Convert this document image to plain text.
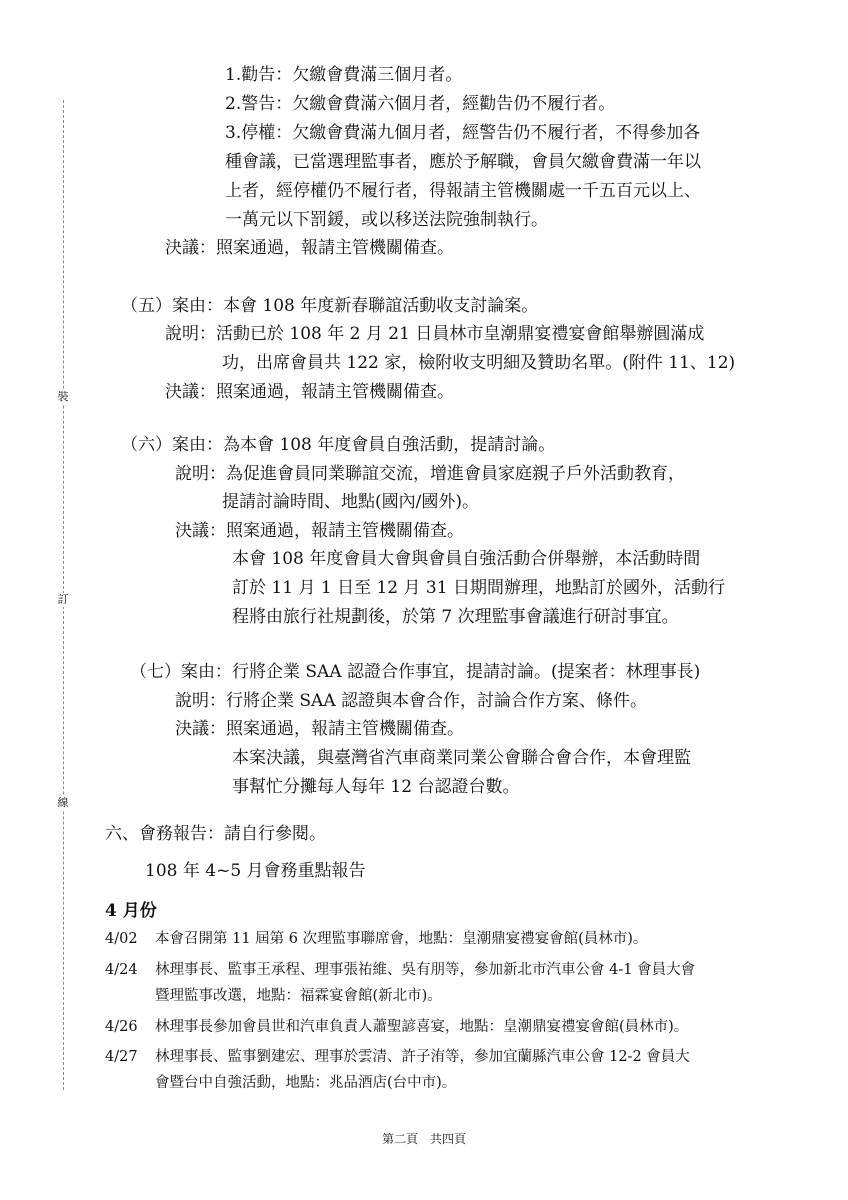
裝
訂
線
1.勸告：欠繳會費滿三個月者。
2.警告：欠繳會費滿六個月者，經勸告仍不履行者。
3.停權：欠繳會費滿九個月者，經警告仍不履行者，不得參加各
種會議，已當選理監事者，應於予解職，會員欠繳會費滿一年以
上者，經停權仍不履行者，得報請主管機關處一千五百元以上、
一萬元以下罰鍰，或以移送法院強制執行。
決議：照案通過，報請主管機關備查。
（五）案由：本會 108 年度新春聯誼活動收支討論案。
說明：活動已於 108 年 2 月 21 日員林市皇潮鼎宴禮宴會館舉辦圓滿成
功，出席會員共 122 家，檢附收支明細及贊助名單。(附件 11、12)
決議：照案通過，報請主管機關備查。
（六）案由：為本會 108 年度會員自強活動，提請討論。
說明：為促進會員同業聯誼交流，增進會員家庭親子戶外活動教育，
提請討論時間、地點(國內/國外)。
決議：照案通過，報請主管機關備查。
本會 108 年度會員大會與會員自強活動合併舉辦，本活動時間
訂於 11 月 1 日至 12 月 31 日期間辦理，地點訂於國外，活動行
程將由旅行社規劃後，於第 7 次理監事會議進行研討事宜。
（七）案由：行將企業 SAA 認證合作事宜，提請討論。(提案者：林理事長)
說明：行將企業 SAA 認證與本會合作，討論合作方案、條件。
決議：照案通過，報請主管機關備查。
本案決議，與臺灣省汽車商業同業公會聯合會合作，本會理監
事幫忙分攤每人每年 12 台認證台數。
六、會務報告：請自行參閱。
108 年 4~5 月會務重點報告
4 月份
4/02 本會召開第 11 屆第 6 次理監事聯席會，地點：皇潮鼎宴禮宴會館(員林市)。
4/24 林理事長、監事王承程、理事張祐維、吳有朋等，參加新北市汽車公會 4-1 會員大會
暨理監事改選，地點：福霖宴會館(新北市)。
4/26 林理事長參加會員世和汽車負責人蕭聖諺喜宴，地點：皇潮鼎宴禮宴會館(員林市)。
4/27 林理事長、監事劉建宏、理事於雲清、許子洧等，參加宜蘭縣汽車公會 12-2 會員大
會暨台中自強活動，地點：兆品酒店(台中市)。
第二頁　共四頁
